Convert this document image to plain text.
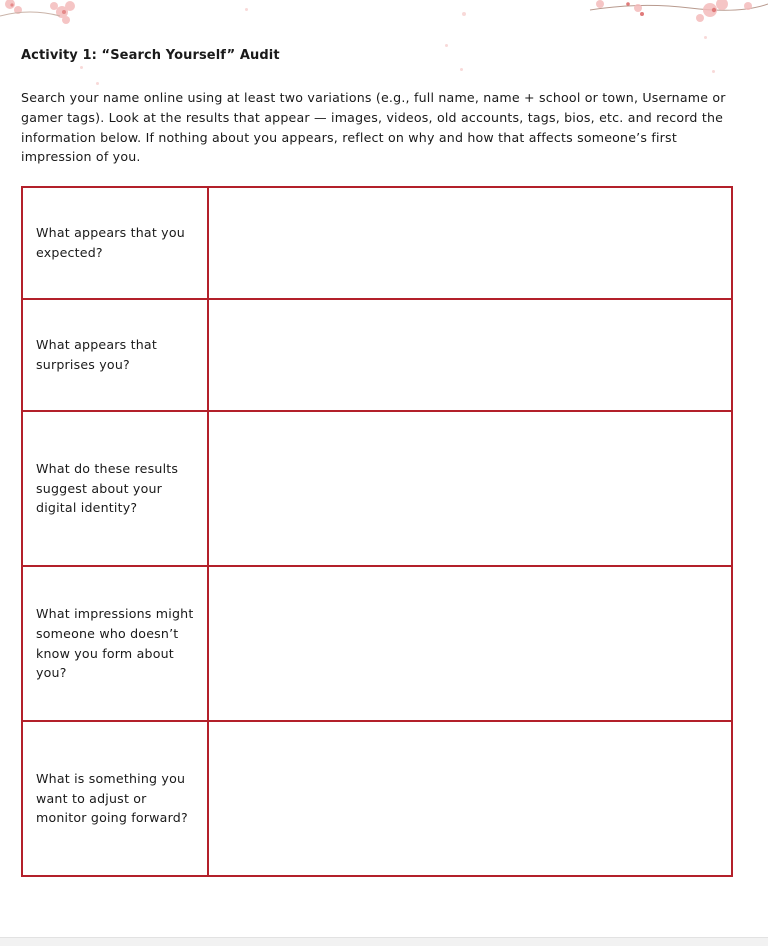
Activity 1: “Search Yourself” Audit

Search your name online using at least two variations (e.g., full name, name + school or town, Username or gamer tags). Look at the results that appear — images, videos, old accounts, tags, bios, etc. and record the information below. If nothing about you appears, reflect on why and how that affects someone’s first impression of you.

What appears that you expected?	
What appears that surprises you?	
What do these results suggest about your digital identity?	
What impressions might someone who doesn’t know you form about you?	
What is something you want to adjust or monitor going forward?	
